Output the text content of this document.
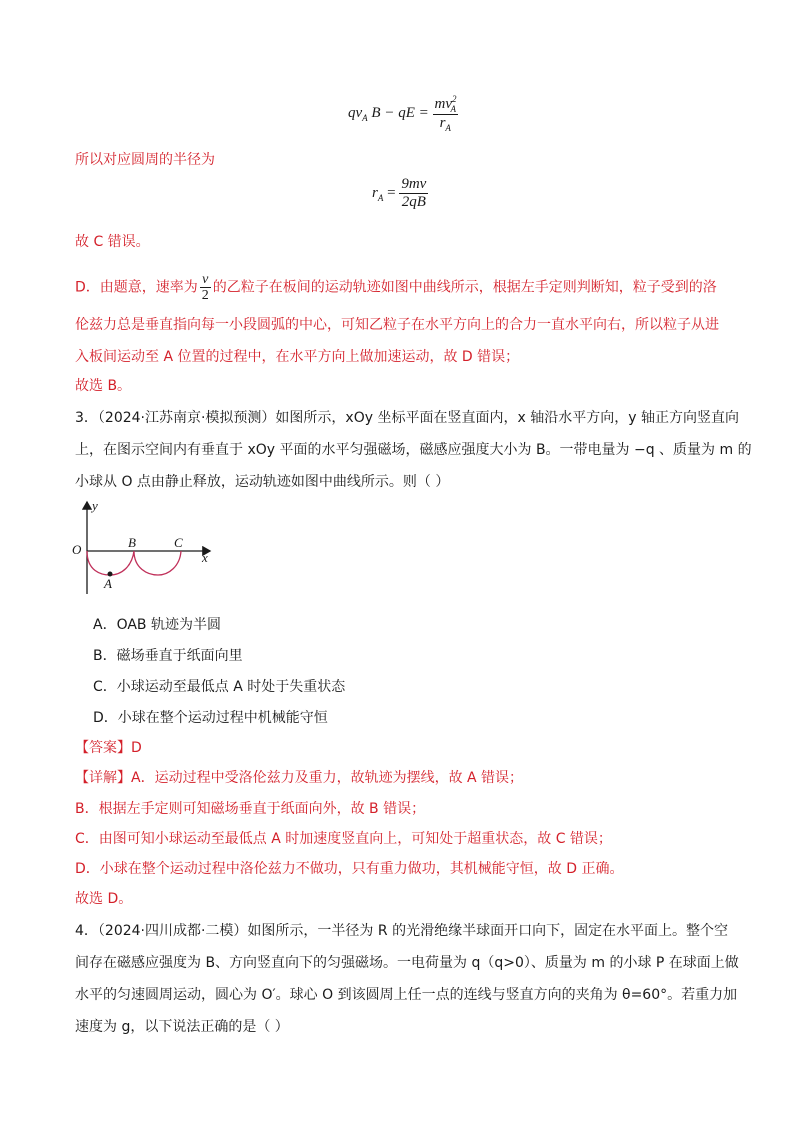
$qv_A$ B − qE = $\frac{mv^2_A}{r_A}$
所以对应圆周的半径为
$r_A = \frac{9mv}{2qB}$
故 C 错误。
D．由题意，速率为 $\frac{v}{2}$ 的乙粒子在板间的运动轨迹如图中曲线所示，根据左手定则判断知，粒子受到的洛
伦兹力总是垂直指向每一小段圆弧的中心，可知乙粒子在水平方向上的合力一直水平向右，所以粒子从进
入板间运动至 A 位置的过程中，在水平方向上做加速运动，故 D 错误；
故选 B。
3．（2024·江苏南京·模拟预测）如图所示，xOy 坐标平面在竖直面内，x 轴沿水平方向，y 轴正方向竖直向
上，在图示空间内有垂直于 xOy 平面的水平匀强磁场，磁感应强度大小为 B。一带电量为 −q 、质量为 m 的
小球从 O 点由静止释放，运动轨迹如图中曲线所示。则（ ）
y
O	B	C
x
A
A．OAB 轨迹为半圆
B．磁场垂直于纸面向里
C．小球运动至最低点 A 时处于失重状态
D．小球在整个运动过程中机械能守恒
【答案】D
【详解】A．运动过程中受洛伦兹力及重力，故轨迹为摆线，故 A 错误；
B．根据左手定则可知磁场垂直于纸面向外，故 B 错误；
C．由图可知小球运动至最低点 A 时加速度竖直向上，可知处于超重状态，故 C 错误；
D．小球在整个运动过程中洛伦兹力不做功，只有重力做功，其机械能守恒，故 D 正确。
故选 D。
4．（2024·四川成都·二模）如图所示，一半径为 R 的光滑绝缘半球面开口向下，固定在水平面上。整个空
间存在磁感应强度为 B、方向竖直向下的匀强磁场。一电荷量为 q（q>0）、质量为 m 的小球 P 在球面上做
水平的匀速圆周运动，圆心为 O′。球心 O 到该圆周上任一点的连线与竖直方向的夹角为 θ=60°。若重力加
速度为 g，以下说法正确的是（ ）
